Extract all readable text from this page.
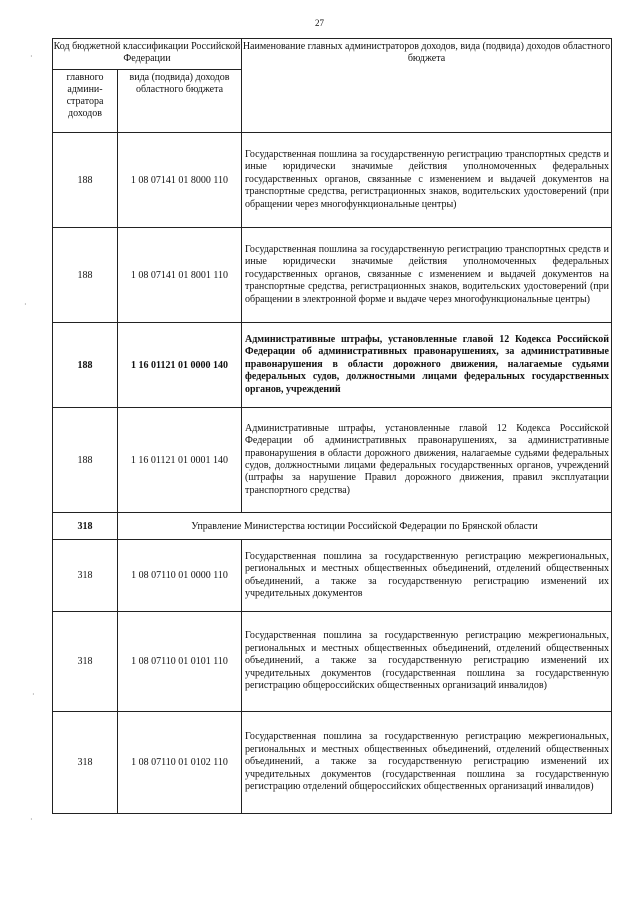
27
Код бюджетной классификации Российской Федерации		Наименование главных администраторов доходов, вида (подвида) доходов областного бюджета
главного админи-стратора доходов	вида (подвида) доходов областного бюджета	
188	1 08 07141 01 8000 110	Государственная пошлина за государственную регистрацию транспортных средств и иные юридически значимые действия уполномоченных федеральных государственных органов, связанные с изменением и выдачей документов на транспортные средства, регистрационных знаков, водительских удостоверений (при обращении через многофункциональные центры)
188	1 08 07141 01 8001 110	Государственная пошлина за государственную регистрацию транспортных средств и иные юридически значимые действия уполномоченных федеральных государственных органов, связанные с изменением и выдачей документов на транспортные средства, регистрационных знаков, водительских удостоверений (при обращении в электронной форме и выдаче через многофункциональные центры)
188	1 16 01121 01 0000 140	Административные штрафы, установленные главой 12 Кодекса Российской Федерации об административных правонарушениях, за административные правонарушения в области дорожного движения, налагаемые судьями федеральных судов, должностными лицами федеральных государственных органов, учреждений
188	1 16 01121 01 0001 140	Административные штрафы, установленные главой 12 Кодекса Российской Федерации об административных правонарушениях, за административные правонарушения в области дорожного движения, налагаемые судьями федеральных судов, должностными лицами федеральных государственных органов, учреждений (штрафы за нарушение Правил дорожного движения, правил эксплуатации транспортного средства)
318	Управление Министерства юстиции Российской Федерации по Брянской области	
318	1 08 07110 01 0000 110	Государственная пошлина за государственную регистрацию межрегиональных, региональных и местных общественных объединений, отделений общественных объединений, а также за государственную регистрацию изменений их учредительных документов
318	1 08 07110 01 0101 110	Государственная пошлина за государственную регистрацию межрегиональных, региональных и местных общественных объединений, отделений общественных объединений, а также за государственную регистрацию изменений их учредительных документов (государственная пошлина за государственную регистрацию общероссийских общественных организаций инвалидов)
318	1 08 07110 01 0102 110	Государственная пошлина за государственную регистрацию межрегиональных, региональных и местных общественных объединений, отделений общественных объединений, а также за государственную регистрацию изменений их учредительных документов (государственная пошлина за государственную регистрацию отделений общероссийских общественных организаций инвалидов)
·
·
·
·
